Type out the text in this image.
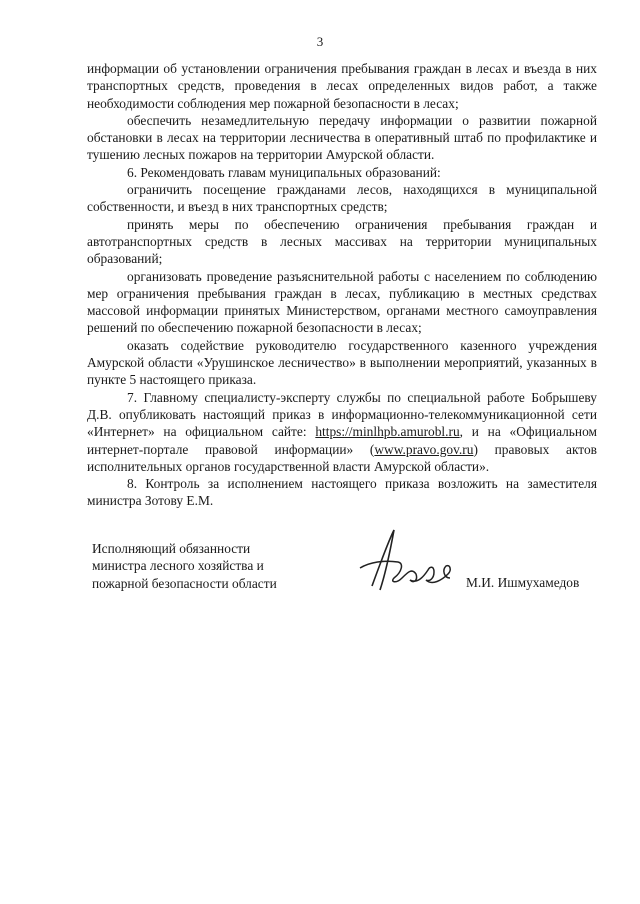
3

информации об установлении ограничения пребывания граждан в лесах и въезда в них транспортных средств, проведения в лесах определенных видов работ, а также необходимости соблюдения мер пожарной безопасности в лесах;

обеспечить незамедлительную передачу информации о развитии пожарной обстановки в лесах на территории лесничества в оперативный штаб по профилактике и тушению лесных пожаров на территории Амурской области.

6. Рекомендовать главам муниципальных образований:

ограничить посещение гражданами лесов, находящихся в муниципальной собственности, и въезд в них транспортных средств;

принять меры по обеспечению ограничения пребывания граждан и автотранспортных средств в лесных массивах на территории муниципальных образований;

организовать проведение разъяснительной работы с населением по соблюдению мер ограничения пребывания граждан в лесах, публикацию в местных средствах массовой информации принятых Министерством, органами местного самоуправления решений по обеспечению пожарной безопасности в лесах;

оказать содействие руководителю государственного казенного учреждения Амурской области «Урушинское лесничество» в выполнении мероприятий, указанных в пункте 5 настоящего приказа.

7. Главному специалисту-эксперту службы по специальной работе Бобрышеву Д.В. опубликовать настоящий приказ в информационно-телекоммуникационной сети «Интернет» на официальном сайте: https://minlhpb.amurobl.ru, и на «Официальном интернет-портале правовой информации» (www.pravo.gov.ru) правовых актов исполнительных органов государственной власти Амурской области».

8. Контроль за исполнением настоящего приказа возложить на заместителя министра Зотову Е.М.

Исполняющий обязанности
министра лесного хозяйства и
пожарной безопасности области	М.И. Ишмухамедов
